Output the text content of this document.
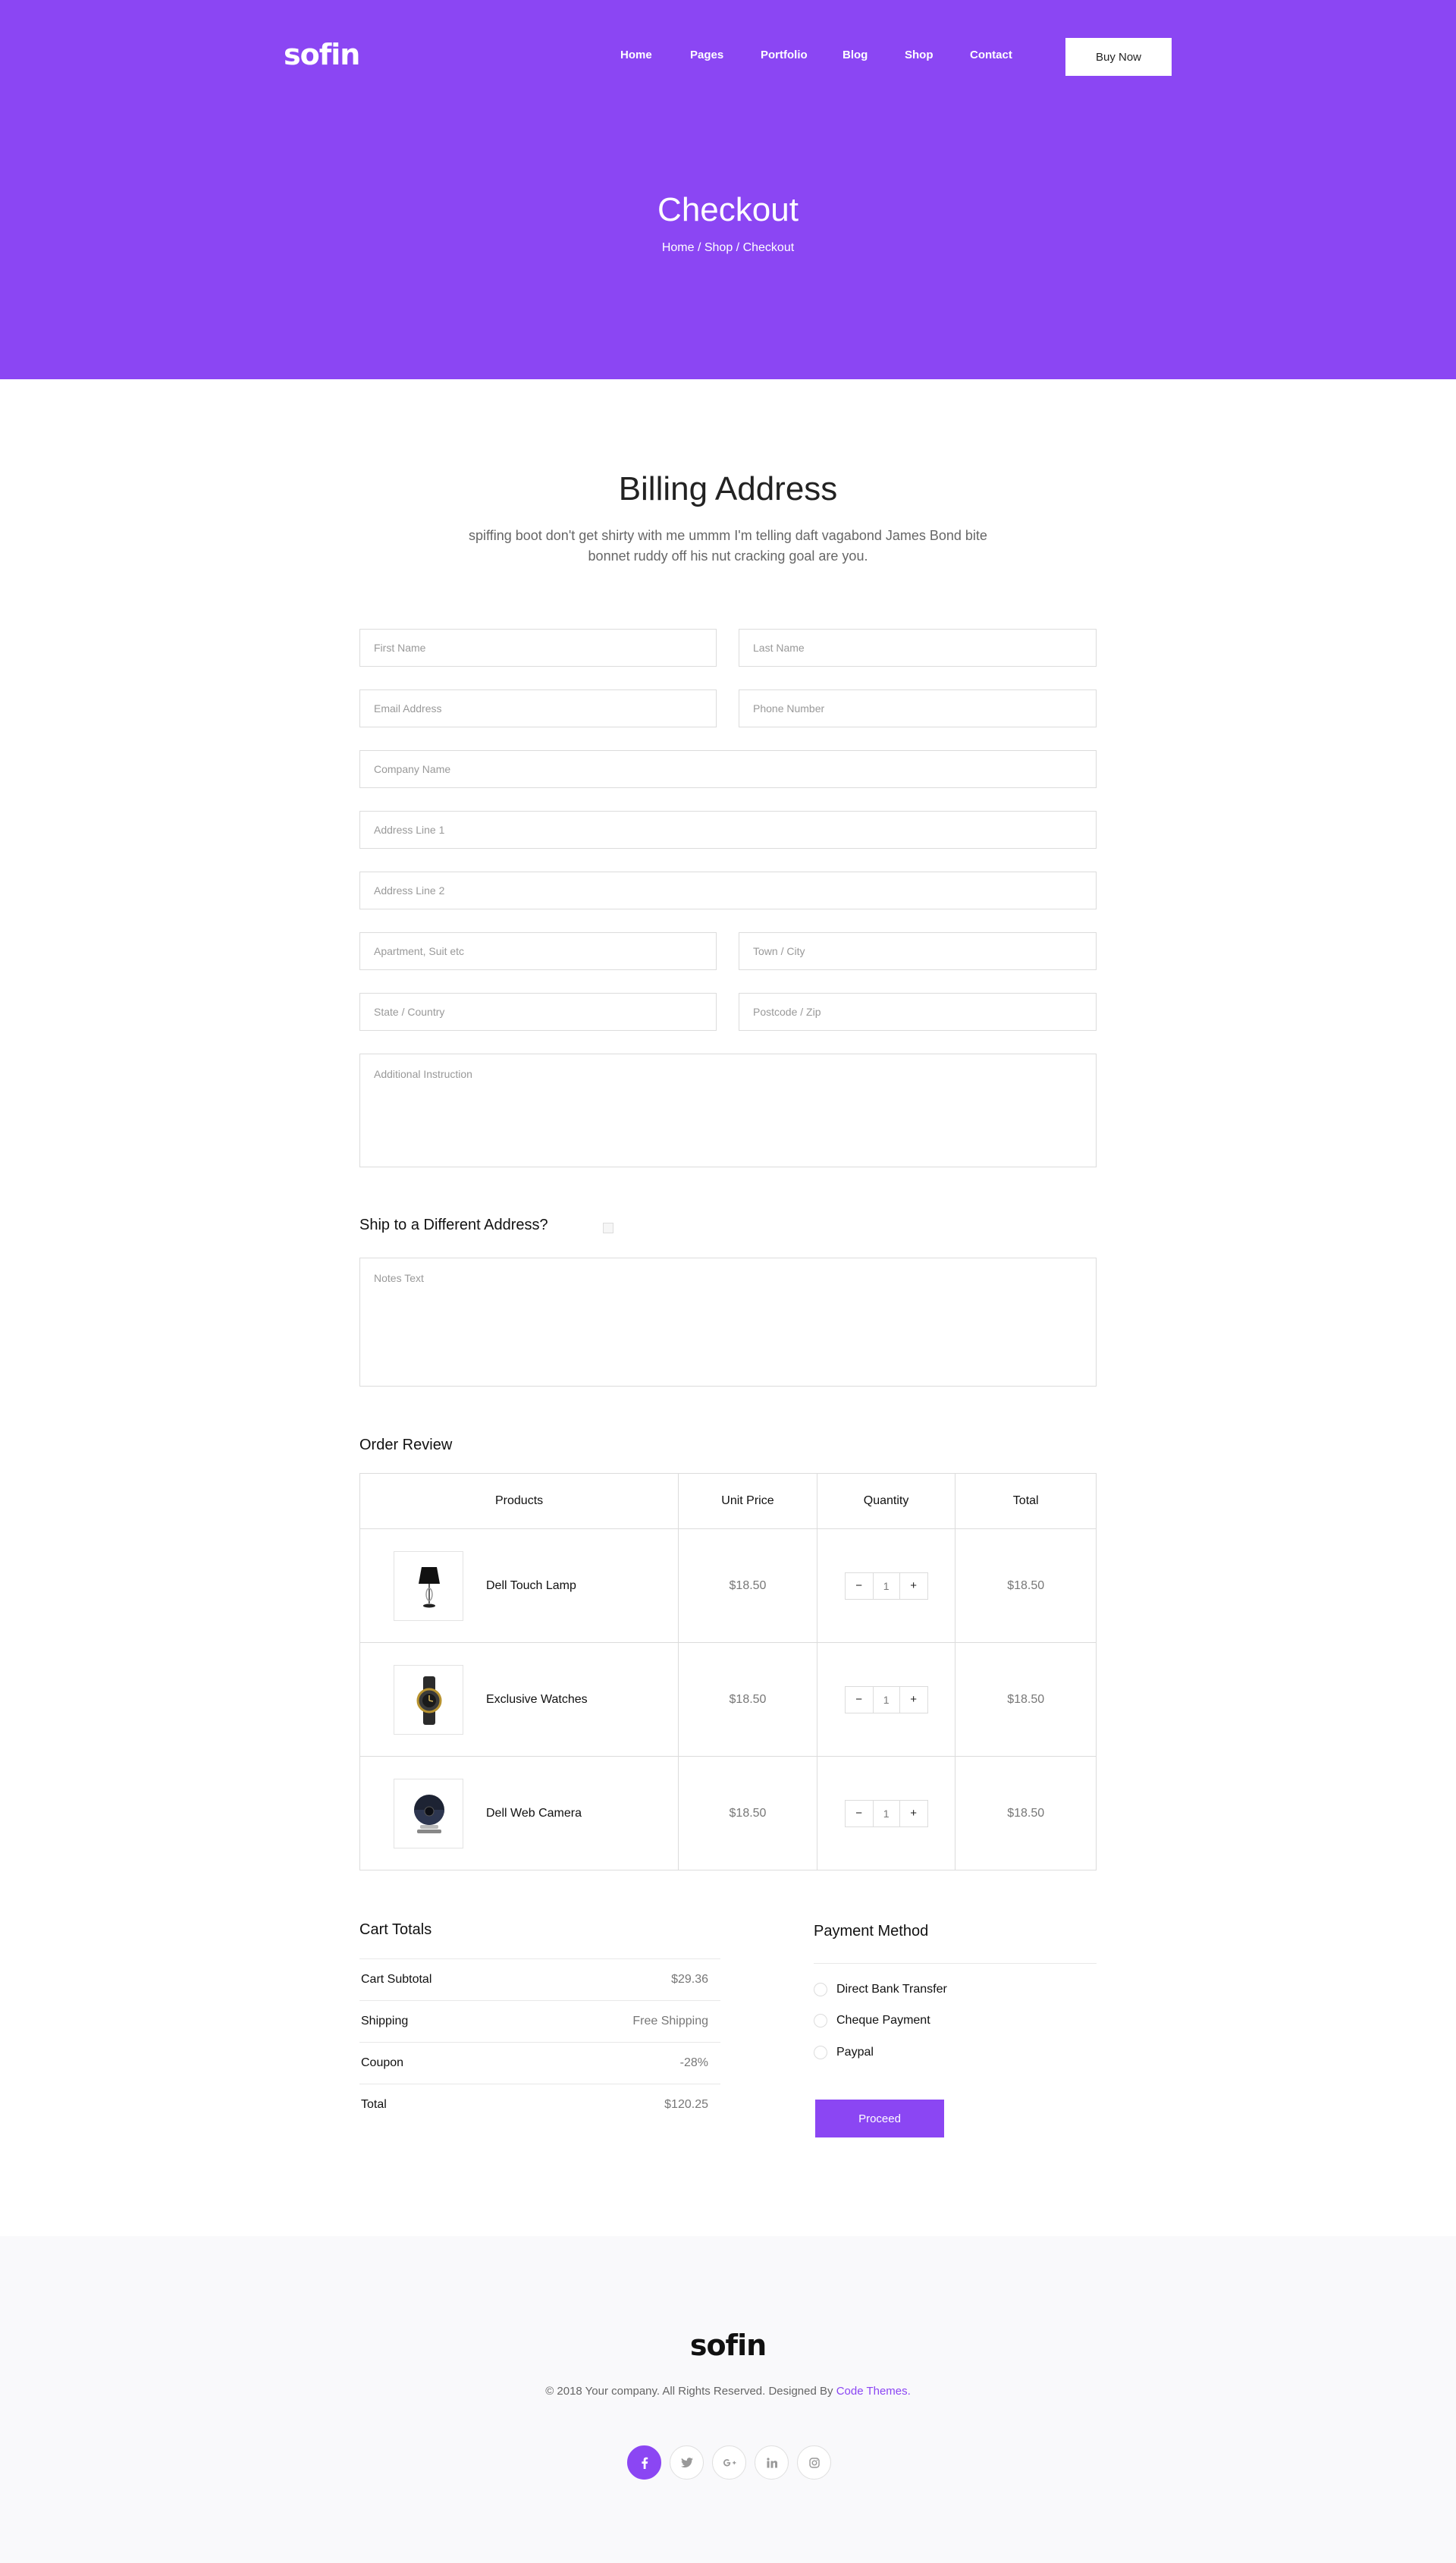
sofin	Home	Pages	Portfolio	Blog	Shop	Contact	Buy Now
Checkout
Home / Shop / Checkout
Billing Address
spiffing boot don't get shirty with me ummm I'm telling daft vagabond James Bond bite bonnet ruddy off his nut cracking goal are you.
First Name
Last Name
Email Address
Phone Number
Company Name
Address Line 1
Address Line 2
Apartment, Suit etc
Town / City
State / Country
Postcode / Zip
Additional Instruction
Ship to a Different Address?
Notes Text
Order Review
Products	Unit Price	Quantity	Total
Dell Touch Lamp	$18.50	−	1	+	$18.50
Exclusive Watches	$18.50	−	1	+	$18.50
Dell Web Camera	$18.50	−	1	+	$18.50
Cart Totals
Cart Subtotal	$29.36
Shipping	Free Shipping
Coupon	-28%
Total	$120.25
Payment Method
Direct Bank Transfer
Cheque Payment
Paypal
Proceed
sofin
© 2018 Your company. All Rights Reserved. Designed By Code Themes.
